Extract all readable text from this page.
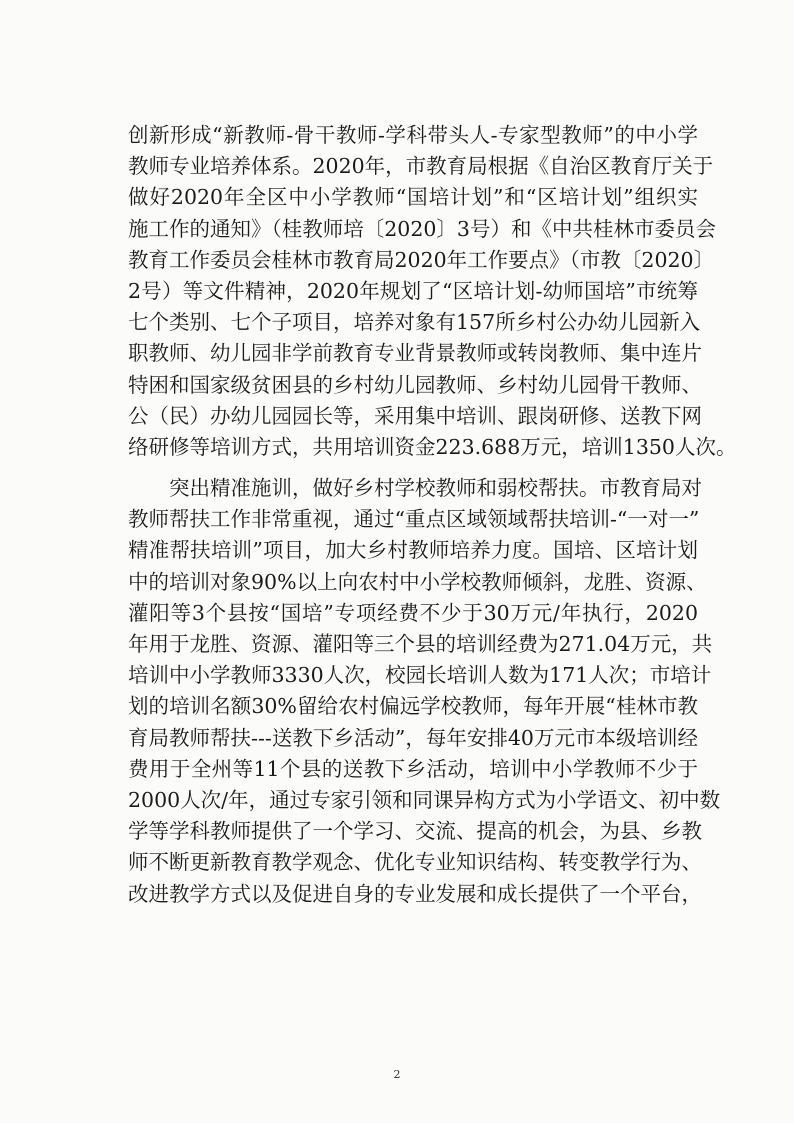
创新形成“新教师-骨干教师-学科带头人-专家型教师”的中小学
教师专业培养体系。2020年，市教育局根据《自治区教育厅关于
做好2020年全区中小学教师“国培计划”和“区培计划”组织实
施工作的通知》（桂教师培〔2020〕3号）和《中共桂林市委员会
教育工作委员会桂林市教育局2020年工作要点》（市教〔2020〕
2号）等文件精神，2020年规划了“区培计划-幼师国培”市统筹
七个类别、七个子项目，培养对象有157所乡村公办幼儿园新入
职教师、幼儿园非学前教育专业背景教师或转岗教师、集中连片
特困和国家级贫困县的乡村幼儿园教师、乡村幼儿园骨干教师、
公（民）办幼儿园园长等，采用集中培训、跟岗研修、送教下网
络研修等培训方式，共用培训资金223.688万元，培训1350人次。
　　突出精准施训，做好乡村学校教师和弱校帮扶。市教育局对
教师帮扶工作非常重视，通过“重点区域领域帮扶培训-“一对一”
精准帮扶培训”项目，加大乡村教师培养力度。国培、区培计划
中的培训对象90%以上向农村中小学校教师倾斜，龙胜、资源、
灌阳等3个县按“国培”专项经费不少于30万元/年执行，2020
年用于龙胜、资源、灌阳等三个县的培训经费为271.04万元，共
培训中小学教师3330人次，校园长培训人数为171人次；市培计
划的培训名额30%留给农村偏远学校教师，每年开展“桂林市教
育局教师帮扶---送教下乡活动”，每年安排40万元市本级培训经
费用于全州等11个县的送教下乡活动，培训中小学教师不少于
2000人次/年，通过专家引领和同课异构方式为小学语文、初中数
学等学科教师提供了一个学习、交流、提高的机会，为县、乡教
师不断更新教育教学观念、优化专业知识结构、转变教学行为、
改进教学方式以及促进自身的专业发展和成长提供了一个平台，
2
